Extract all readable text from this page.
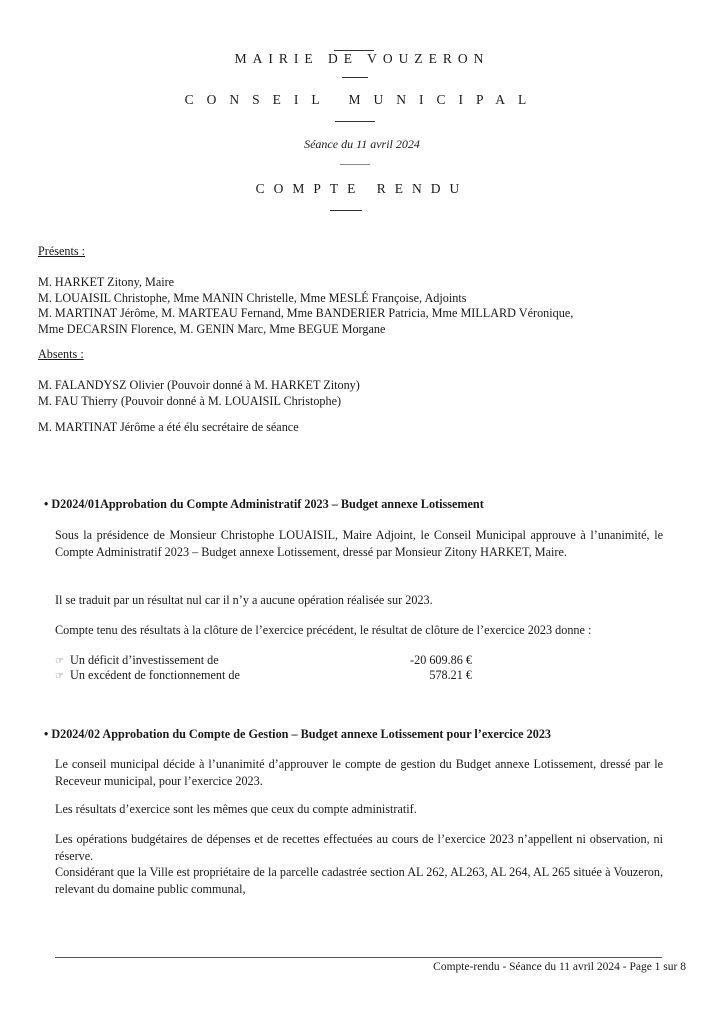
MAIRIE DE VOUZERON
CONSEIL MUNICIPAL
Séance du 11 avril 2024
COMPTE RENDU
Présents :
M. HARKET Zitony, Maire
M. LOUAISIL Christophe, Mme MANIN Christelle, Mme MESLÉ Françoise, Adjoints
M. MARTINAT Jérôme, M. MARTEAU Fernand, Mme BANDERIER Patricia, Mme MILLARD Véronique,
Mme DECARSIN Florence, M. GENIN Marc, Mme BEGUE Morgane
Absents :
M. FALANDYSZ Olivier (Pouvoir donné à M. HARKET Zitony)
M. FAU Thierry (Pouvoir donné à M. LOUAISIL Christophe)
M. MARTINAT Jérôme a été élu secrétaire de séance
• D2024/01Approbation du Compte Administratif 2023 – Budget annexe Lotissement
Sous la présidence de Monsieur Christophe LOUAISIL, Maire Adjoint, le Conseil Municipal approuve à l’unanimité, le Compte Administratif 2023 – Budget annexe Lotissement, dressé par Monsieur Zitony HARKET, Maire.
Il se traduit par un résultat nul car il n’y a aucune opération réalisée sur 2023.
Compte tenu des résultats à la clôture de l’exercice précédent, le résultat de clôture de l’exercice 2023 donne :
☞ Un déficit d’investissement de	-20 609.86 €
☞ Un excédent de fonctionnement de	578.21 €
• D2024/02 Approbation du Compte de Gestion – Budget annexe Lotissement pour l’exercice 2023
Le conseil municipal décide à l’unanimité d’approuver le compte de gestion du Budget annexe Lotissement, dressé par le Receveur municipal, pour l’exercice 2023.
Les résultats d’exercice sont les mêmes que ceux du compte administratif.
Les opérations budgétaires de dépenses et de recettes effectuées au cours de l’exercice 2023 n’appellent ni observation, ni réserve.
Considérant que la Ville est propriétaire de la parcelle cadastrée section AL 262, AL263, AL 264, AL 265 située à Vouzeron, relevant du domaine public communal,
Compte-rendu - Séance du 11 avril 2024 - Page 1 sur 8
